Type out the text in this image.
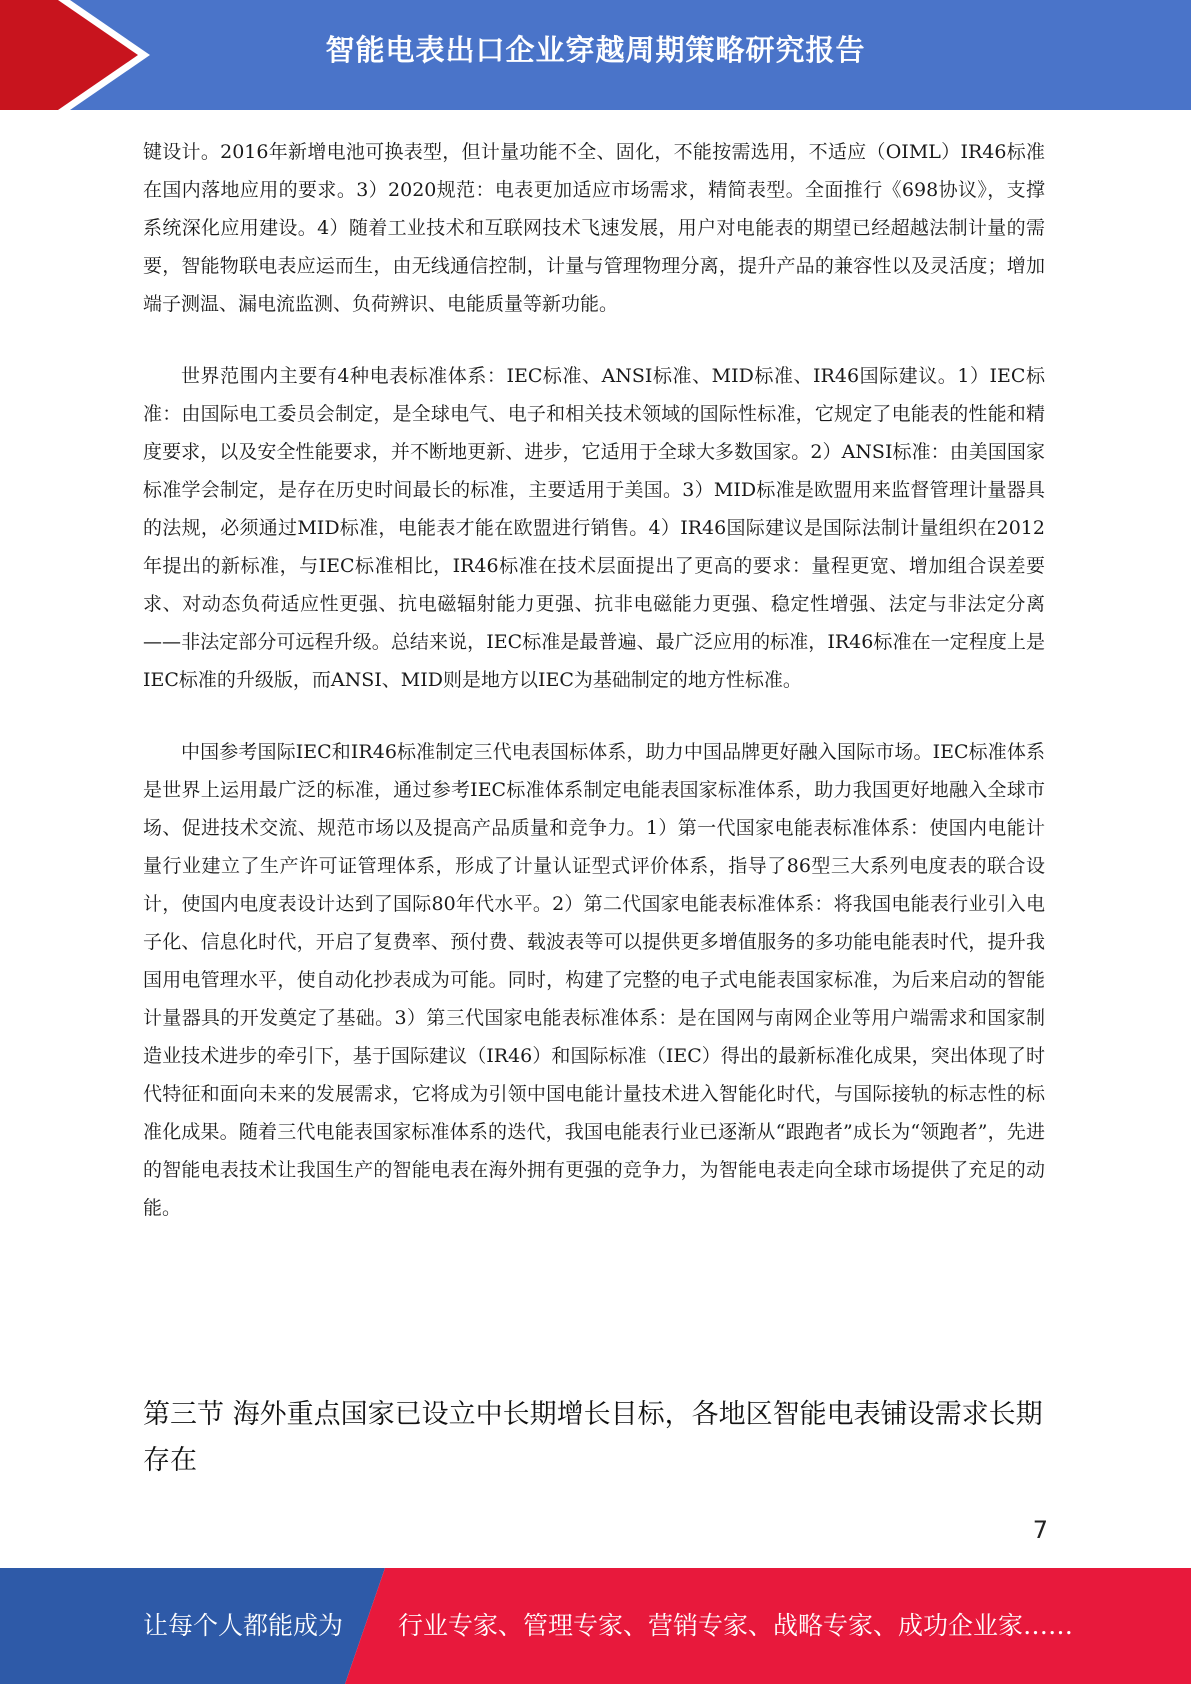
智能电表出口企业穿越周期策略研究报告

键设计。2016年新增电池可换表型，但计量功能不全、固化，不能按需选用，不适应（OIML）IR46标准在国内落地应用的要求。3）2020规范：电表更加适应市场需求，精简表型。全面推行《698协议》，支撑系统深化应用建设。4）随着工业技术和互联网技术飞速发展，用户对电能表的期望已经超越法制计量的需要，智能物联电表应运而生，由无线通信控制，计量与管理物理分离，提升产品的兼容性以及灵活度；增加端子测温、漏电流监测、负荷辨识、电能质量等新功能。

世界范围内主要有4种电表标准体系：IEC标准、ANSI标准、MID标准、IR46国际建议。1）IEC标准：由国际电工委员会制定，是全球电气、电子和相关技术领域的国际性标准，它规定了电能表的性能和精度要求，以及安全性能要求，并不断地更新、进步，它适用于全球大多数国家。2）ANSI标准：由美国国家标准学会制定，是存在历史时间最长的标准，主要适用于美国。3）MID标准是欧盟用来监督管理计量器具的法规，必须通过MID标准，电能表才能在欧盟进行销售。4）IR46国际建议是国际法制计量组织在2012年提出的新标准，与IEC标准相比，IR46标准在技术层面提出了更高的要求：量程更宽、增加组合误差要求、对动态负荷适应性更强、抗电磁辐射能力更强、抗非电磁能力更强、稳定性增强、法定与非法定分离——非法定部分可远程升级。总结来说，IEC标准是最普遍、最广泛应用的标准，IR46标准在一定程度上是IEC标准的升级版，而ANSI、MID则是地方以IEC为基础制定的地方性标准。

中国参考国际IEC和IR46标准制定三代电表国标体系，助力中国品牌更好融入国际市场。IEC标准体系是世界上运用最广泛的标准，通过参考IEC标准体系制定电能表国家标准体系，助力我国更好地融入全球市场、促进技术交流、规范市场以及提高产品质量和竞争力。1）第一代国家电能表标准体系：使国内电能计量行业建立了生产许可证管理体系，形成了计量认证型式评价体系，指导了86型三大系列电度表的联合设计，使国内电度表设计达到了国际80年代水平。2）第二代国家电能表标准体系：将我国电能表行业引入电子化、信息化时代，开启了复费率、预付费、载波表等可以提供更多增值服务的多功能电能表时代，提升我国用电管理水平，使自动化抄表成为可能。同时，构建了完整的电子式电能表国家标准，为后来启动的智能计量器具的开发奠定了基础。3）第三代国家电能表标准体系：是在国网与南网企业等用户端需求和国家制造业技术进步的牵引下，基于国际建议（IR46）和国际标准（IEC）得出的最新标准化成果，突出体现了时代特征和面向未来的发展需求，它将成为引领中国电能计量技术进入智能化时代，与国际接轨的标志性的标准化成果。随着三代电能表国家标准体系的迭代，我国电能表行业已逐渐从“跟跑者”成长为“领跑者”，先进的智能电表技术让我国生产的智能电表在海外拥有更强的竞争力，为智能电表走向全球市场提供了充足的动能。

第三节 海外重点国家已设立中长期增长目标，各地区智能电表铺设需求长期存在
7
让每个人都能成为 行业专家、管理专家、营销专家、战略专家、成功企业家……
